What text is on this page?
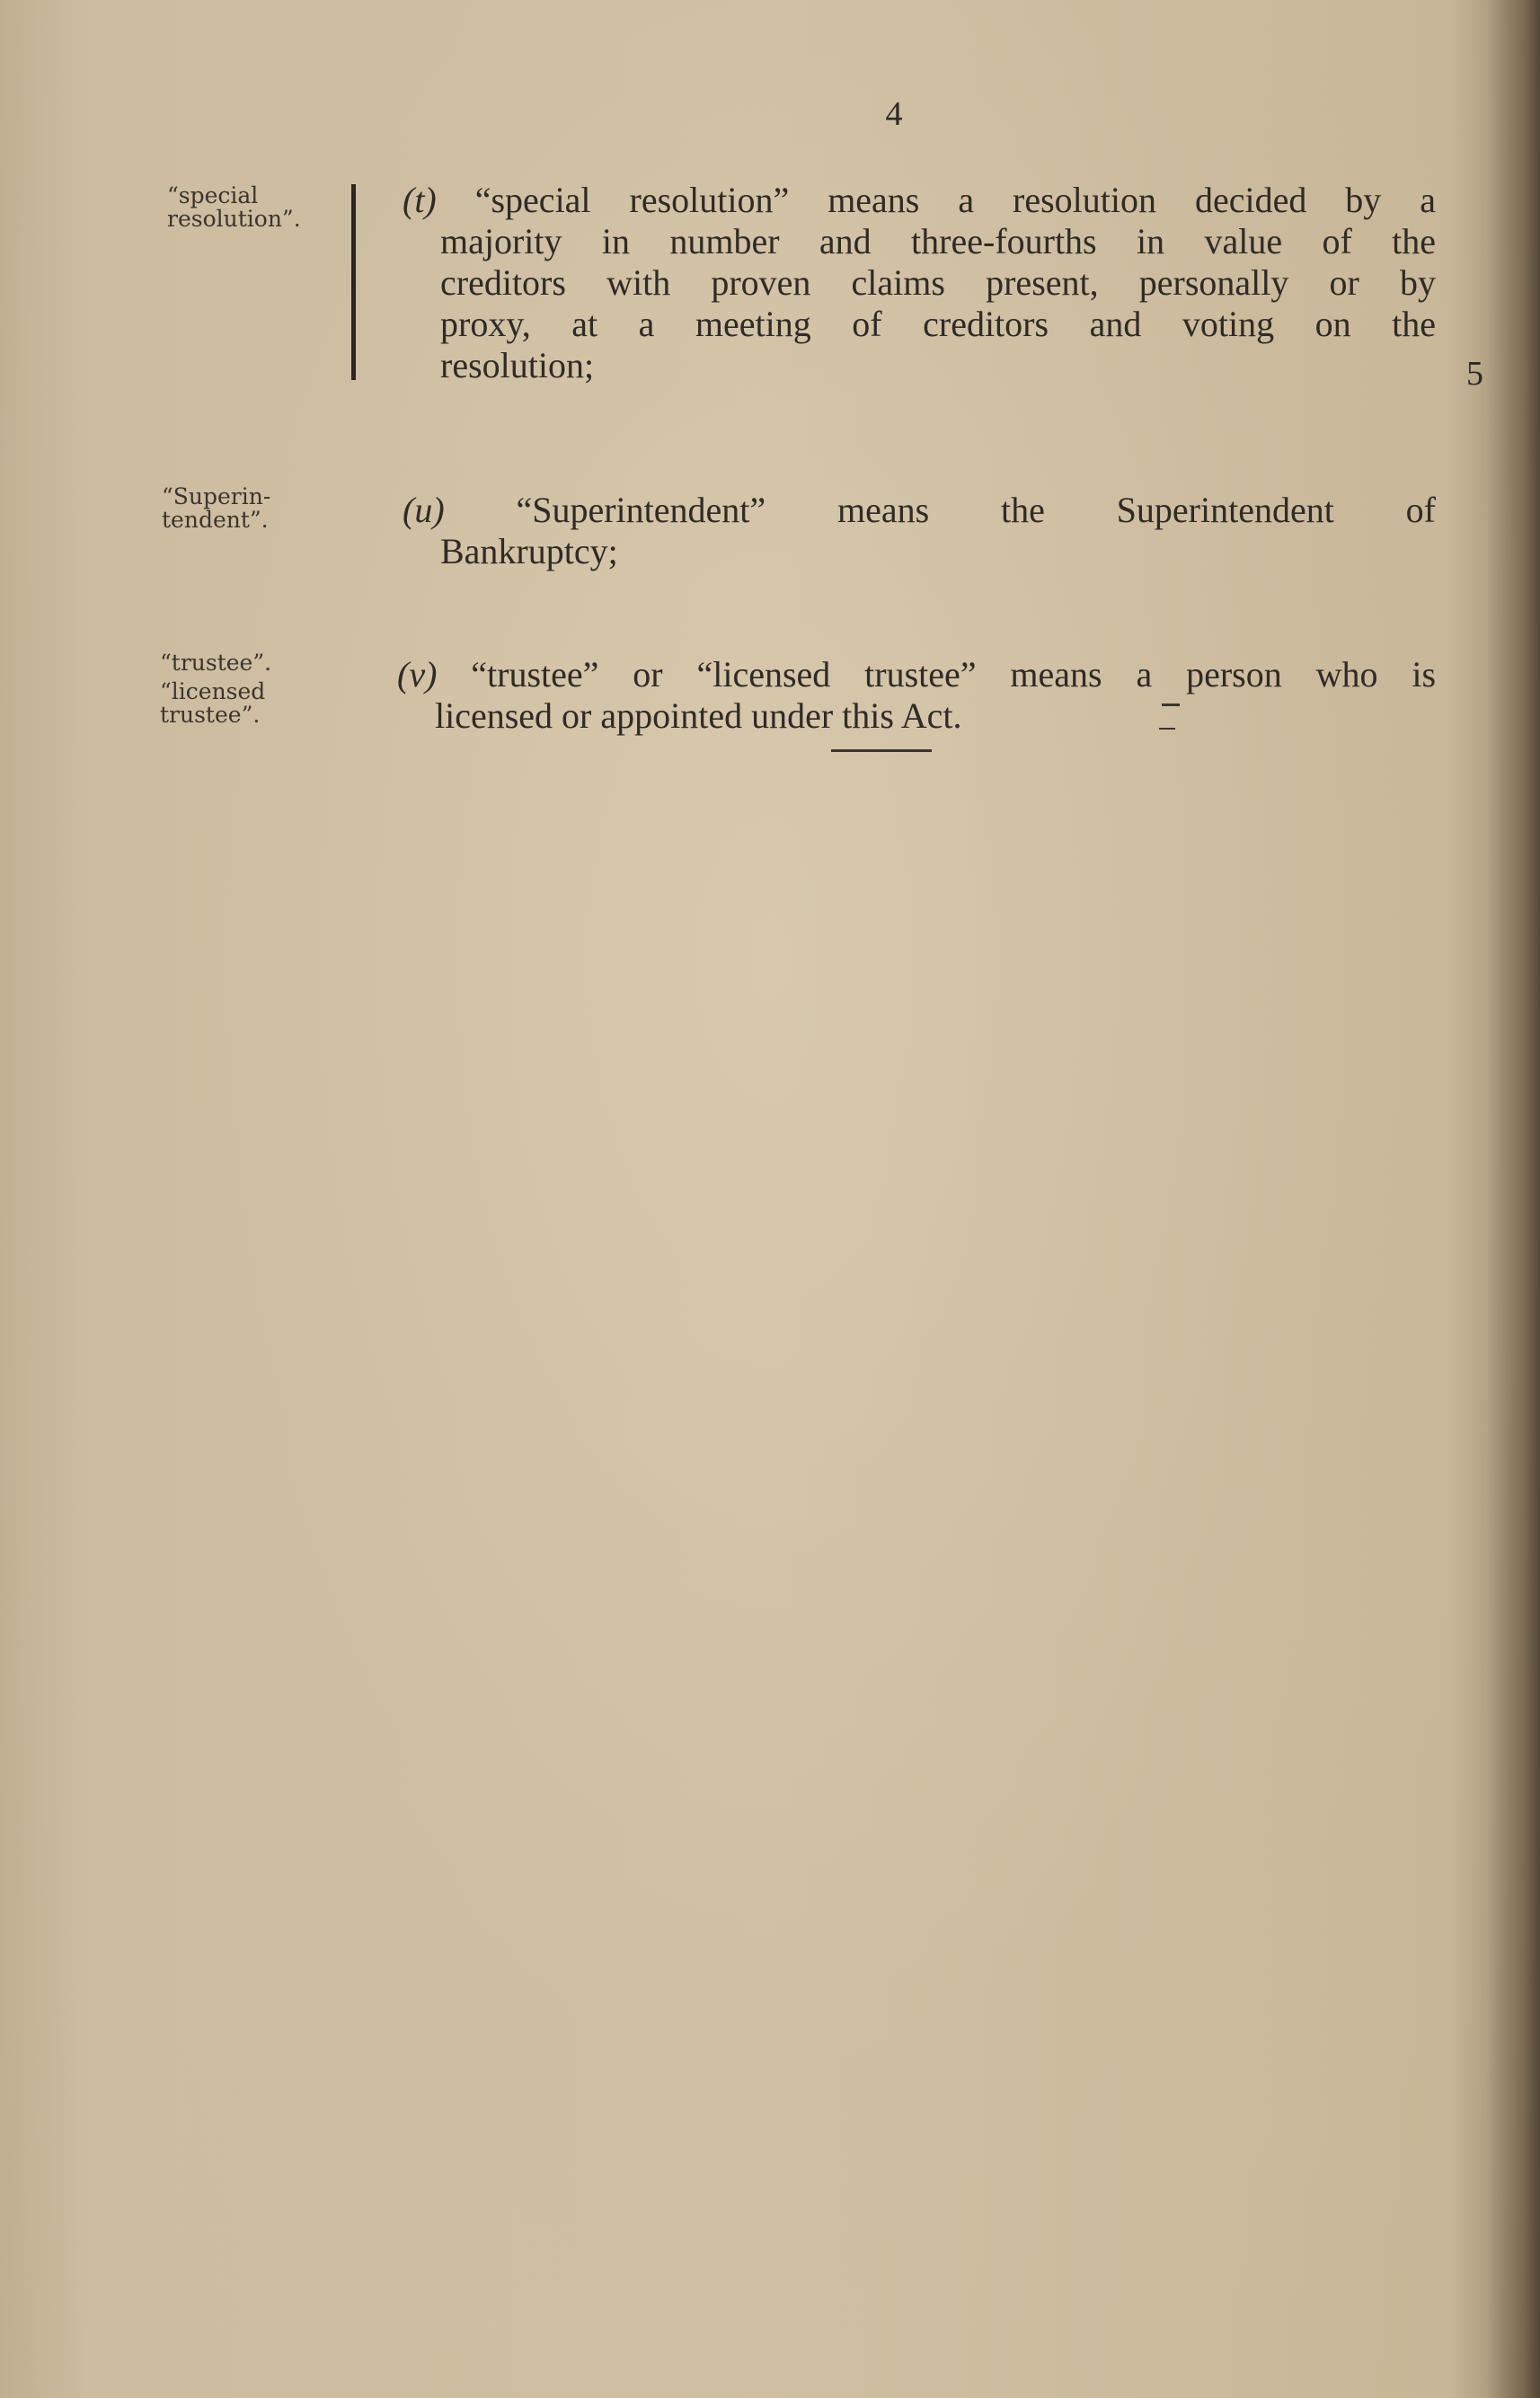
4
“special
resolution”.
“Superin-
tendent”.
“trustee”.
“licensed
trustee”.
(t) “special resolution” means a resolution decided by a
majority in number and three-fourths in value of the
creditors with proven claims present, personally or by
proxy, at a meeting of creditors and voting on the
resolution;	5
(u) “Superintendent” means the Superintendent of
Bankruptcy;
(v) “trustee” or “licensed trustee” means a person who is
licensed or appointed under this Act.
